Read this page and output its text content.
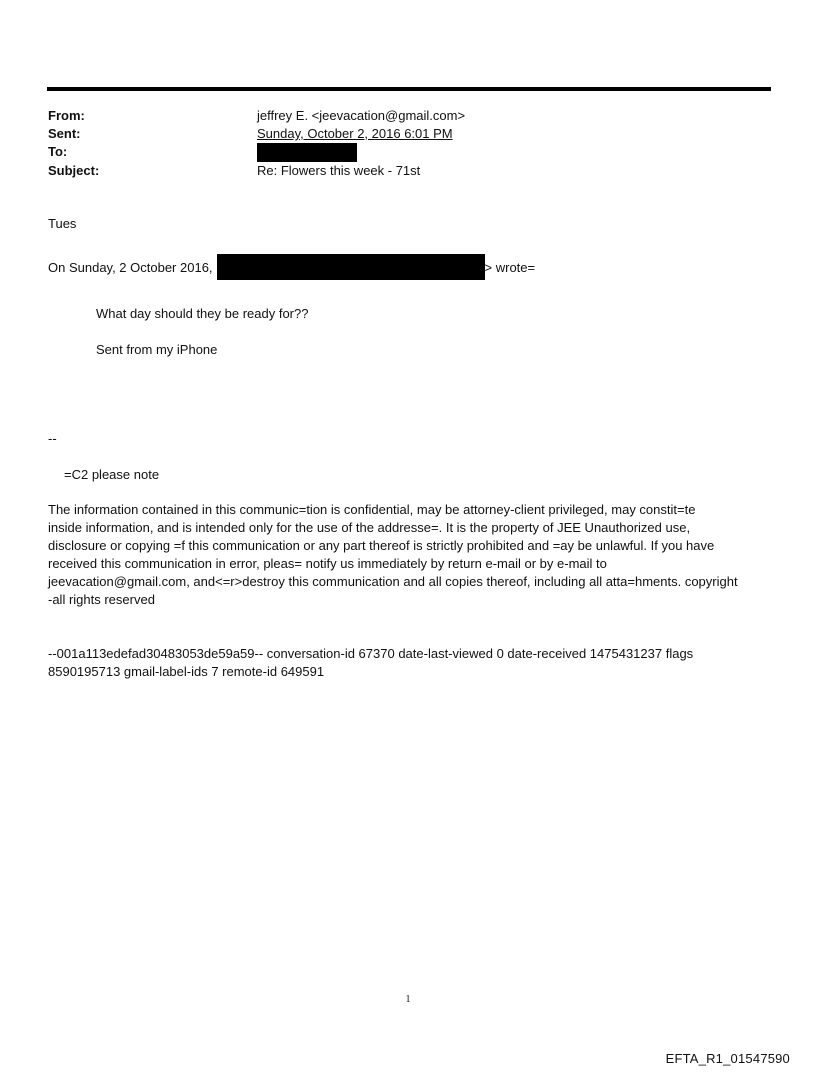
From:	jeffrey E. <jeevacation@gmail.com>
Sent:	Sunday, October 2, 2016 6:01 PM
To:
Subject:	Re: Flowers this week - 71st
Tues
On Sunday, 2 October 2016,	> wrote=
What day should they be ready for??
Sent from my iPhone
--
=C2 please note

The information contained in this communic=tion is confidential, may be attorney-client privileged, may constit=te

inside information, and is intended only for the use of the addresse=. It is the property of JEE Unauthorized use,

disclosure or copying =f this communication or any part thereof is strictly prohibited and =ay be unlawful. If you have

received this communication in error, pleas= notify us immediately by return e-mail or by e-mail to

jeevacation@gmail.com, and<=r>destroy this communication and all copies thereof, including all atta=hments. copyright

-all rights reserved

--001a113edefad30483053de59a59-- conversation-id 67370 date-last-viewed 0 date-received 1475431237 flags

8590195713 gmail-label-ids 7 remote-id 649591

1
EFTA_R1_01547590
